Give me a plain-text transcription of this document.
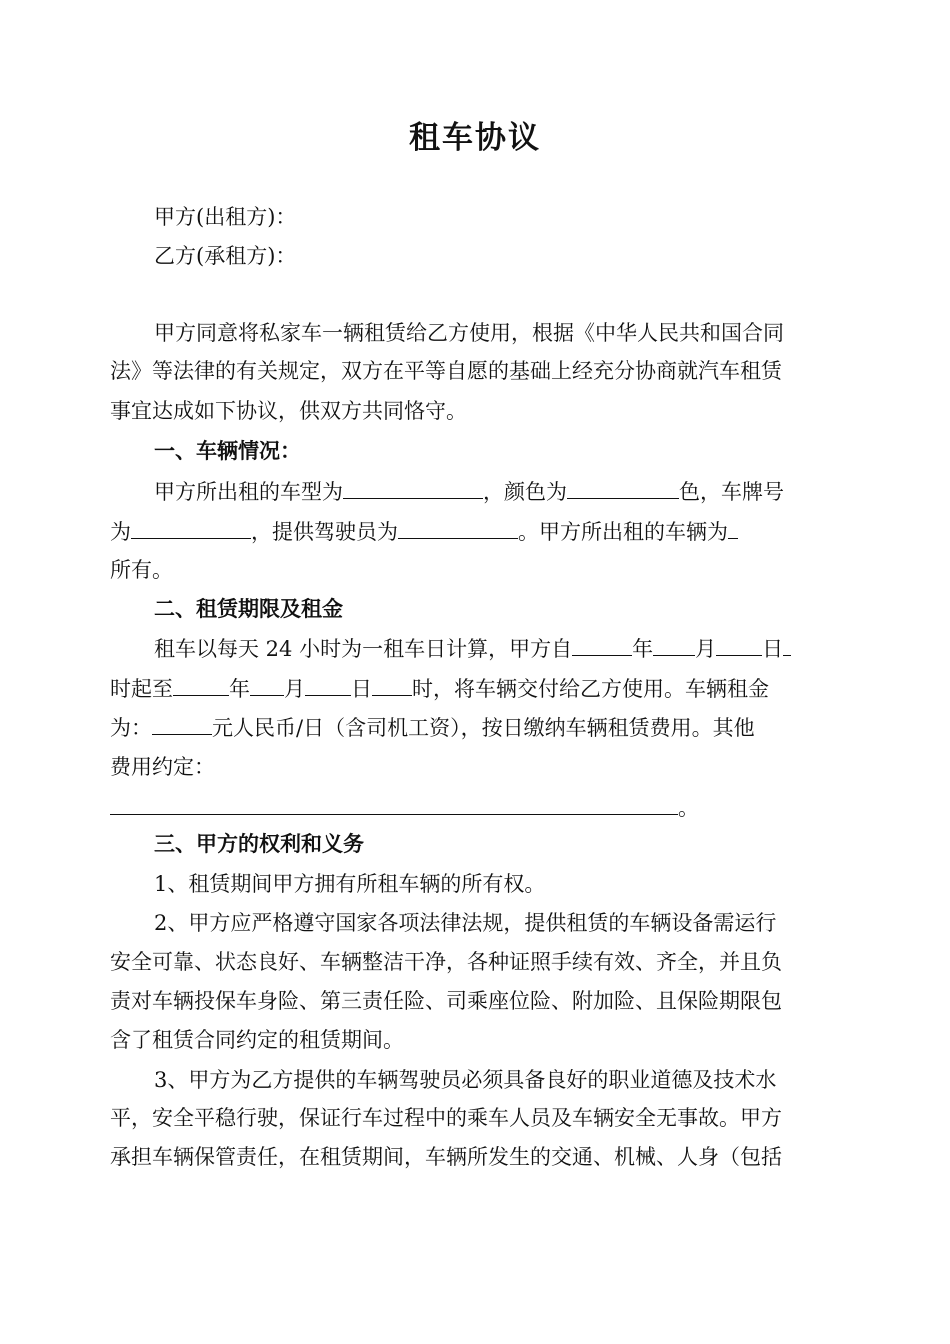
租车协议
甲方(出租方)：
乙方(承租方)：
甲方同意将私家车一辆租赁给乙方使用，根据《中华人民共和国合同
法》等法律的有关规定，双方在平等自愿的基础上经充分协商就汽车租赁
事宜达成如下协议，供双方共同恪守。
一、车辆情况：
甲方所出租的车型为	，颜色为	色，车牌号
为	，提供驾驶员为	。甲方所出租的车辆为
所有。
二、租赁期限及租金
租车以每天 24 小时为一租车日计算，甲方自	年 月 日
时起至	年 月 日 时，将车辆交付给乙方使用。车辆租金
为：	元人民币/日（含司机工资），按日缴纳车辆租赁费用。其他
费用约定：
。
三、甲方的权利和义务
1、租赁期间甲方拥有所租车辆的所有权。
2、甲方应严格遵守国家各项法律法规，提供租赁的车辆设备需运行
安全可靠、状态良好、车辆整洁干净，各种证照手续有效、齐全，并且负
责对车辆投保车身险、第三责任险、司乘座位险、附加险、且保险期限包
含了租赁合同约定的租赁期间。
3、甲方为乙方提供的车辆驾驶员必须具备良好的职业道德及技术水
平，安全平稳行驶，保证行车过程中的乘车人员及车辆安全无事故。甲方
承担车辆保管责任，在租赁期间，车辆所发生的交通、机械、人身（包括
